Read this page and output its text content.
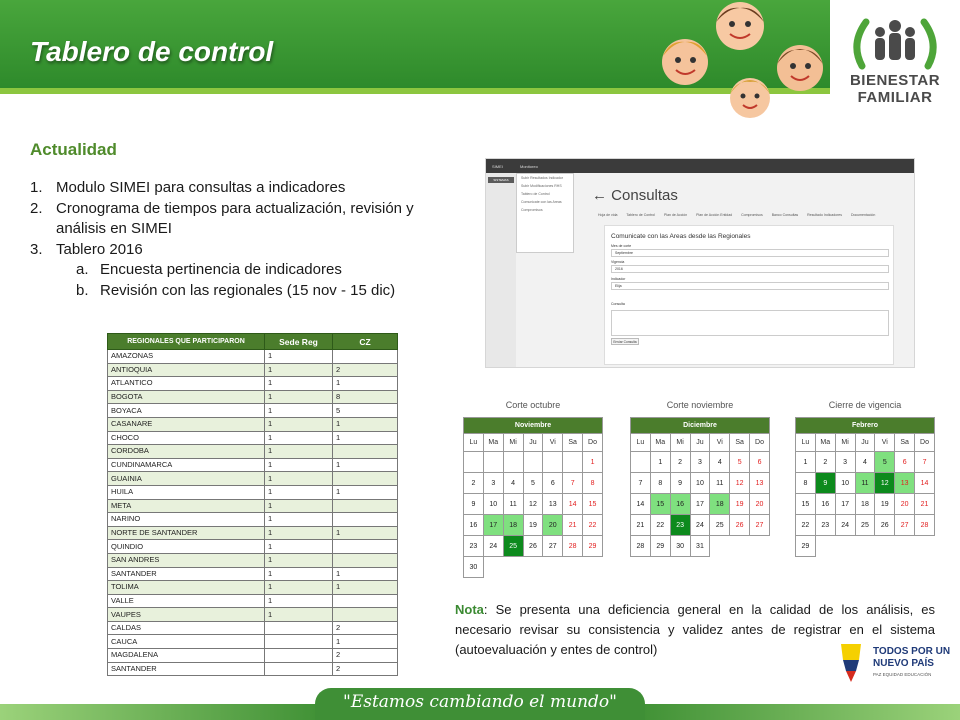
Tablero de control
BIENESTAR
FAMILIAR
Actualidad
1. Modulo SIMEI para consultas a indicadores
2. Cronograma de tiempos para actualización, revisión y análisis en SIMEI
3. Tablero 2016
a. Encuesta pertinencia de indicadores
b. Revisión con las regionales (15 nov - 15 dic)
SIMEI	Monitoreo
SISTEMAS	Subir Resultados Indicador
Subir Modificaciones RHS
Tablero de Control
Comunicate con las Areas
Compromisos
← Consultas
Hoja de vida	Tablero de Control	Plan de Acción	Plan de Acción Entidad	Compromisos	Banco Consultas	Resultado Indicadores	Documentación
Comunicate con las Areas desde las Regionales
Mes de corte
Septiembre
Vigencia
2016
Indicador
Elija
Consulta
Enviar Consulta
REGIONALES QUE PARTICIPARON	Sede Reg	CZ
AMAZONAS	1	
ANTIOQUIA	1	2
ATLANTICO	1	1
BOGOTA	1	8
BOYACA	1	5
CASANARE	1	1
CHOCO	1	1
CORDOBA	1	
CUNDINAMARCA	1	1
GUAINIA	1	
HUILA	1	1
META	1	
NARINO	1	
NORTE DE SANTANDER	1	1
QUINDIO	1	
SAN ANDRES	1	
SANTANDER	1	1
TOLIMA	1	1
VALLE	1	
VAUPES	1	
CALDAS		2
CAUCA		1
MAGDALENA		2
SANTANDER		2
Corte octubre	Corte noviembre	Cierre de vigencia
Noviembre						
Lu	Ma	Mi	Ju	Vi	Sa	Do
						1
2	3	4	5	6	7	8
9	10	11	12	13	14	15
16	17	18	19	20	21	22
23	24	25	26	27	28	29
30						
Diciembre						
Lu	Ma	Mi	Ju	Vi	Sa	Do
	1	2	3	4	5	6
7	8	9	10	11	12	13
14	15	16	17	18	19	20
21	22	23	24	25	26	27
28	29	30	31			
Febrero						
Lu	Ma	Mi	Ju	Vi	Sa	Do
1	2	3	4	5	6	7
8	9	10	11	12	13	14
15	16	17	18	19	20	21
22	23	24	25	26	27	28
29						
Nota: Se presenta una deficiencia general en la calidad de los análisis, es necesario revisar su consistencia y validez antes de registrar en el sistema (autoevaluación y entes de control)	TODOS POR UN
NUEVO PAÍS
PAZ EQUIDAD EDUCACIÓN
"Estamos cambiando el mundo"
